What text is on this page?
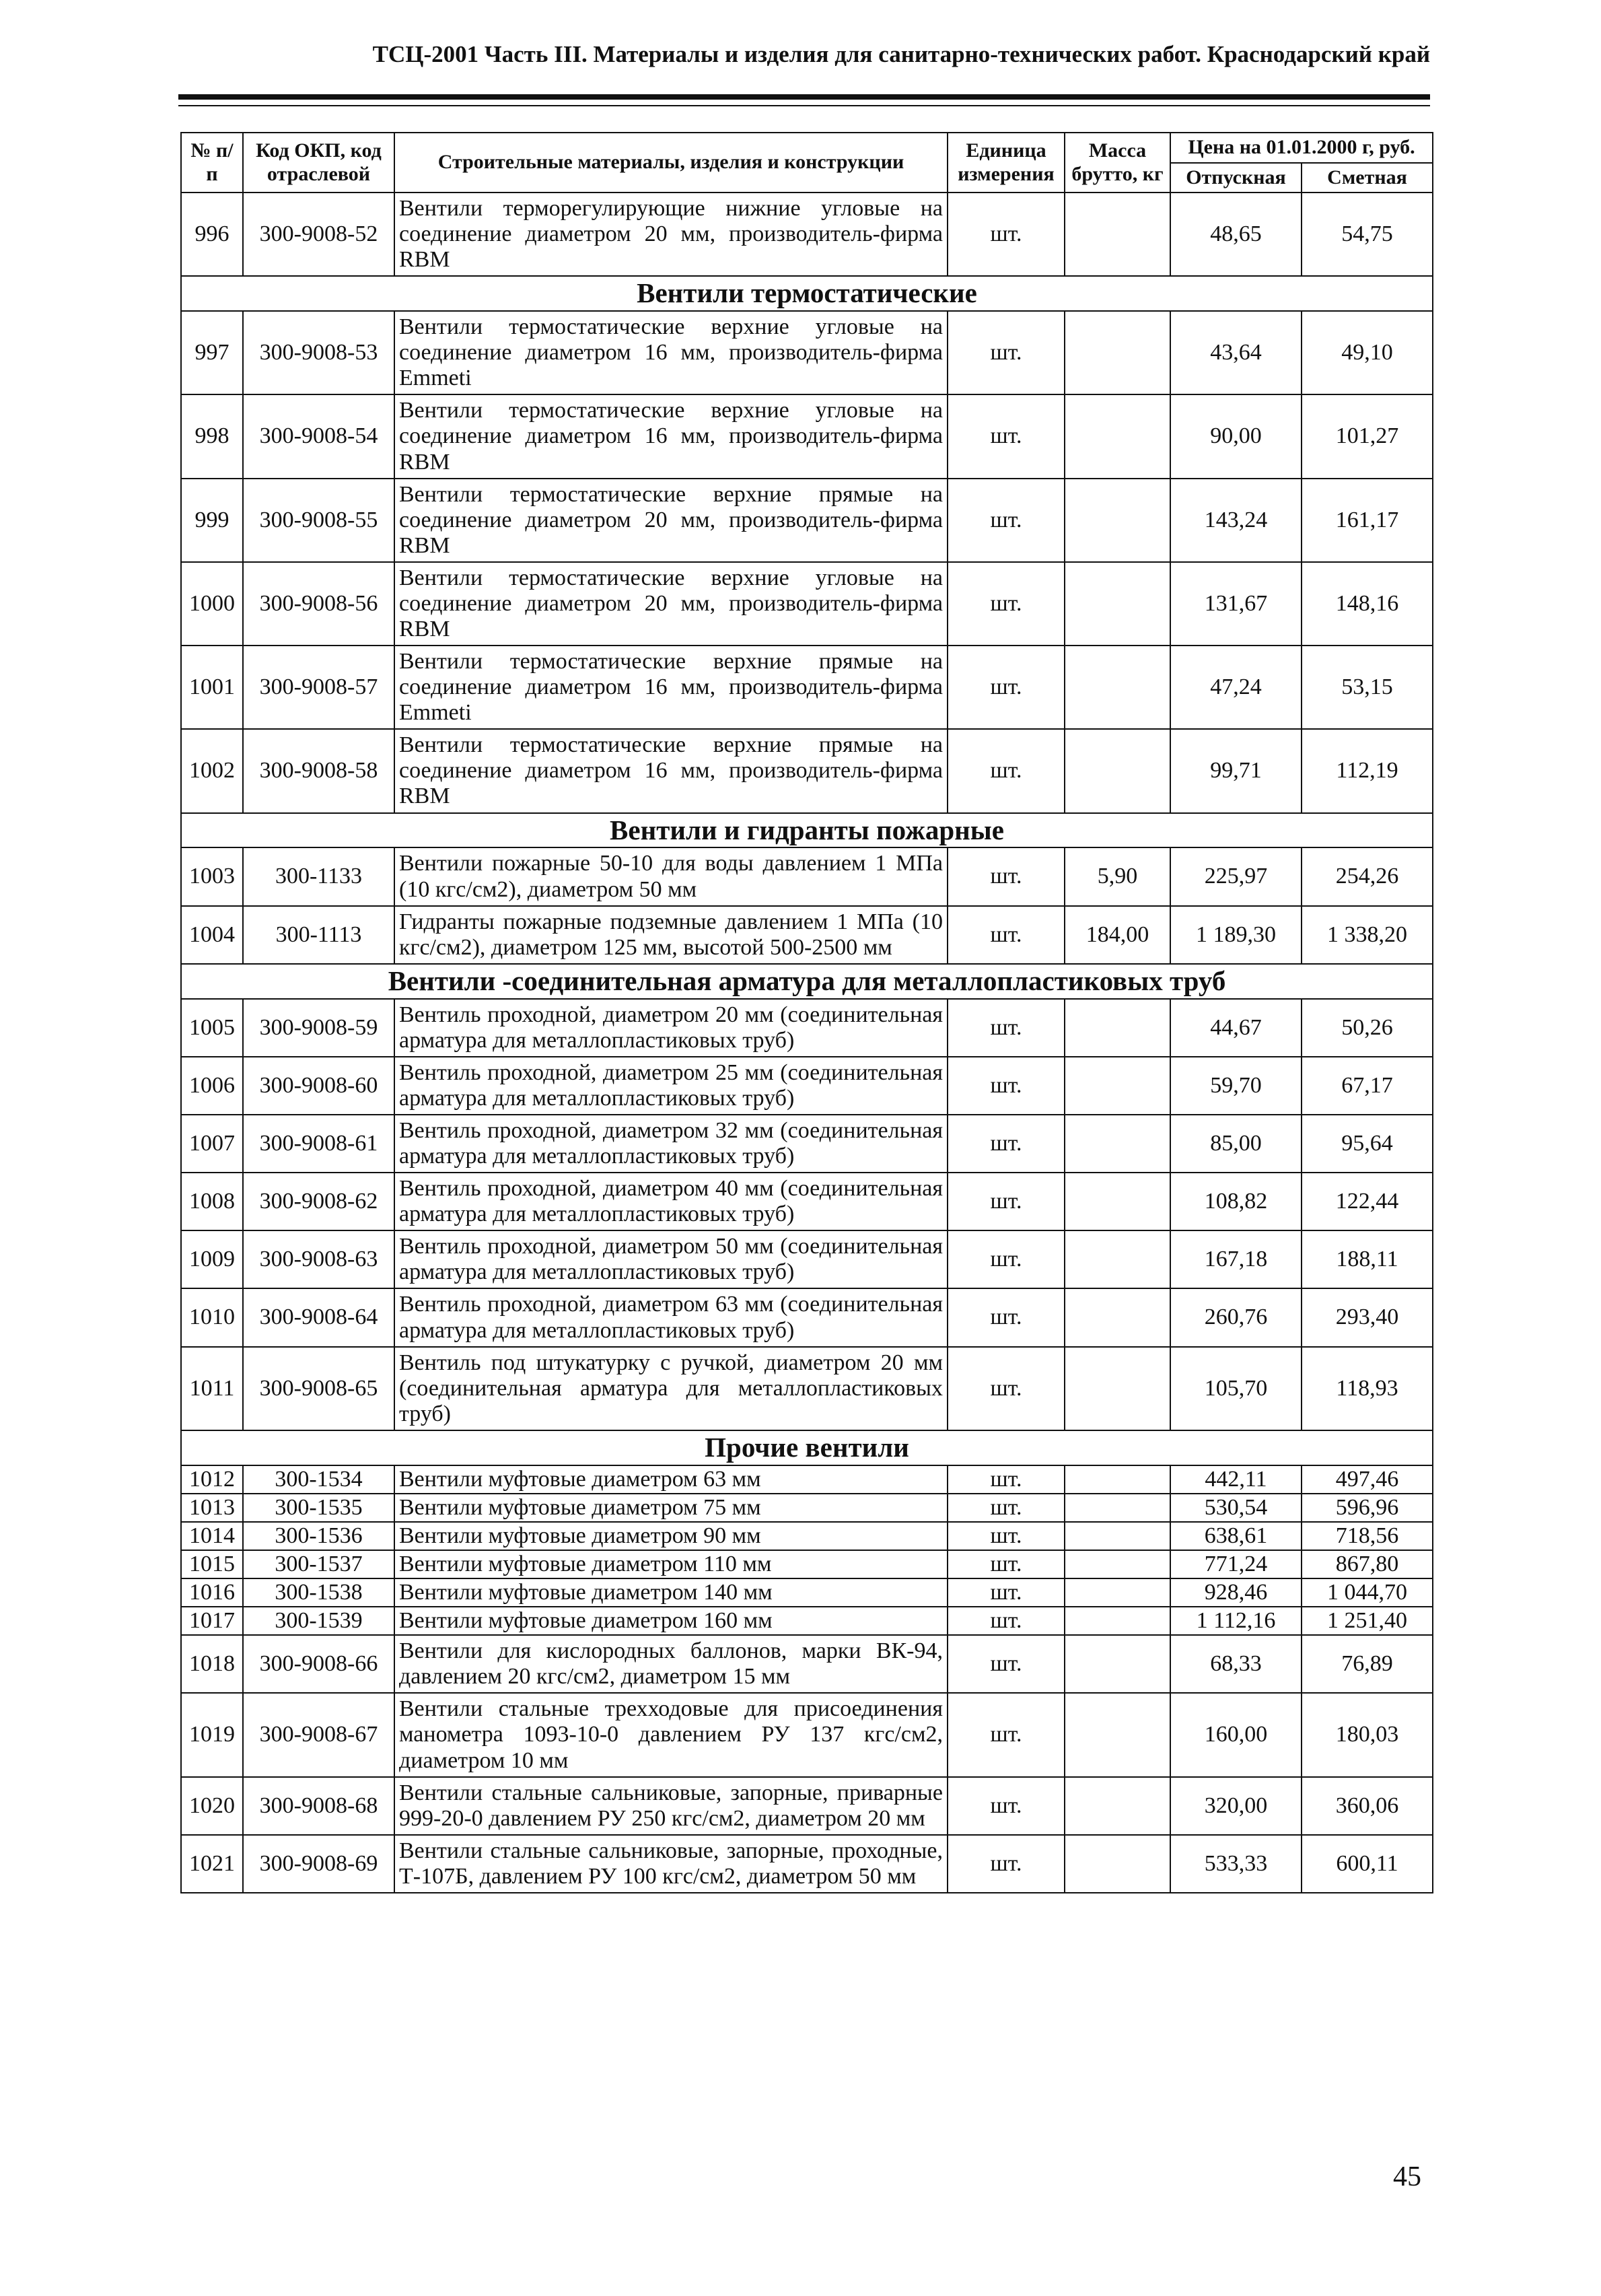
ТСЦ-2001 Часть III. Материалы и изделия для санитарно-технических работ. Краснодарский край
№ п/п	Код ОКП, код отраслевой	Строительные материалы, изделия и конструкции	Единица измерения	Масса брутто, кг	Цена на 01.01.2000 г, руб.	
					Отпускная	Сметная
996	300-9008-52	Вентили терморегулирующие нижние угловые на соединение диаметром 20 мм, производитель-фирма RBM	шт.		48,65	54,75
Вентили термостатические						
997	300-9008-53	Вентили термостатические верхние угловые на соединение диаметром 16 мм, производитель-фирма Emmeti	шт.		43,64	49,10
998	300-9008-54	Вентили термостатические верхние угловые на соединение диаметром 16 мм, производитель-фирма RBM	шт.		90,00	101,27
999	300-9008-55	Вентили термостатические верхние прямые на соединение диаметром 20 мм, производитель-фирма RBM	шт.		143,24	161,17
1000	300-9008-56	Вентили термостатические верхние угловые на соединение диаметром 20 мм, производитель-фирма RBM	шт.		131,67	148,16
1001	300-9008-57	Вентили термостатические верхние прямые на соединение диаметром 16 мм, производитель-фирма Emmeti	шт.		47,24	53,15
1002	300-9008-58	Вентили термостатические верхние прямые на соединение диаметром 16 мм, производитель-фирма RBM	шт.		99,71	112,19
Вентили и гидранты пожарные						
1003	300-1133	Вентили пожарные 50-10 для воды давлением 1 МПа (10 кгс/см2), диаметром 50 мм	шт.	5,90	225,97	254,26
1004	300-1113	Гидранты пожарные подземные давлением 1 МПа (10 кгс/см2), диаметром 125 мм, высотой 500-2500 мм	шт.	184,00	1 189,30	1 338,20
Вентили -соединительная арматура для металлопластиковых труб						
1005	300-9008-59	Вентиль проходной, диаметром 20 мм (соединительная арматура для металлопластиковых труб)	шт.		44,67	50,26
1006	300-9008-60	Вентиль проходной, диаметром 25 мм (соединительная арматура для металлопластиковых труб)	шт.		59,70	67,17
1007	300-9008-61	Вентиль проходной, диаметром 32 мм (соединительная арматура для металлопластиковых труб)	шт.		85,00	95,64
1008	300-9008-62	Вентиль проходной, диаметром 40 мм (соединительная арматура для металлопластиковых труб)	шт.		108,82	122,44
1009	300-9008-63	Вентиль проходной, диаметром 50 мм (соединительная арматура для металлопластиковых труб)	шт.		167,18	188,11
1010	300-9008-64	Вентиль проходной, диаметром 63 мм (соединительная арматура для металлопластиковых труб)	шт.		260,76	293,40
1011	300-9008-65	Вентиль под штукатурку с ручкой, диаметром 20 мм (соединительная арматура для металлопластиковых труб)	шт.		105,70	118,93
Прочие вентили						
1012	300-1534	Вентили муфтовые диаметром 63 мм	шт.		442,11	497,46
1013	300-1535	Вентили муфтовые диаметром 75 мм	шт.		530,54	596,96
1014	300-1536	Вентили муфтовые диаметром 90 мм	шт.		638,61	718,56
1015	300-1537	Вентили муфтовые диаметром 110 мм	шт.		771,24	867,80
1016	300-1538	Вентили муфтовые диаметром 140 мм	шт.		928,46	1 044,70
1017	300-1539	Вентили муфтовые диаметром 160 мм	шт.		1 112,16	1 251,40
1018	300-9008-66	Вентили для кислородных баллонов, марки ВК-94, давлением 20 кгс/см2, диаметром 15 мм	шт.		68,33	76,89
1019	300-9008-67	Вентили стальные трехходовые для присоединения манометра 1093-10-0 давлением РУ 137 кгс/см2, диаметром 10 мм	шт.		160,00	180,03
1020	300-9008-68	Вентили стальные сальниковые, запорные, приварные 999-20-0 давлением РУ 250 кгс/см2, диаметром 20 мм	шт.		320,00	360,06
1021	300-9008-69	Вентили стальные сальниковые, запорные, проходные, Т-107Б, давлением РУ 100 кгс/см2, диаметром 50 мм	шт.		533,33	600,11
45
